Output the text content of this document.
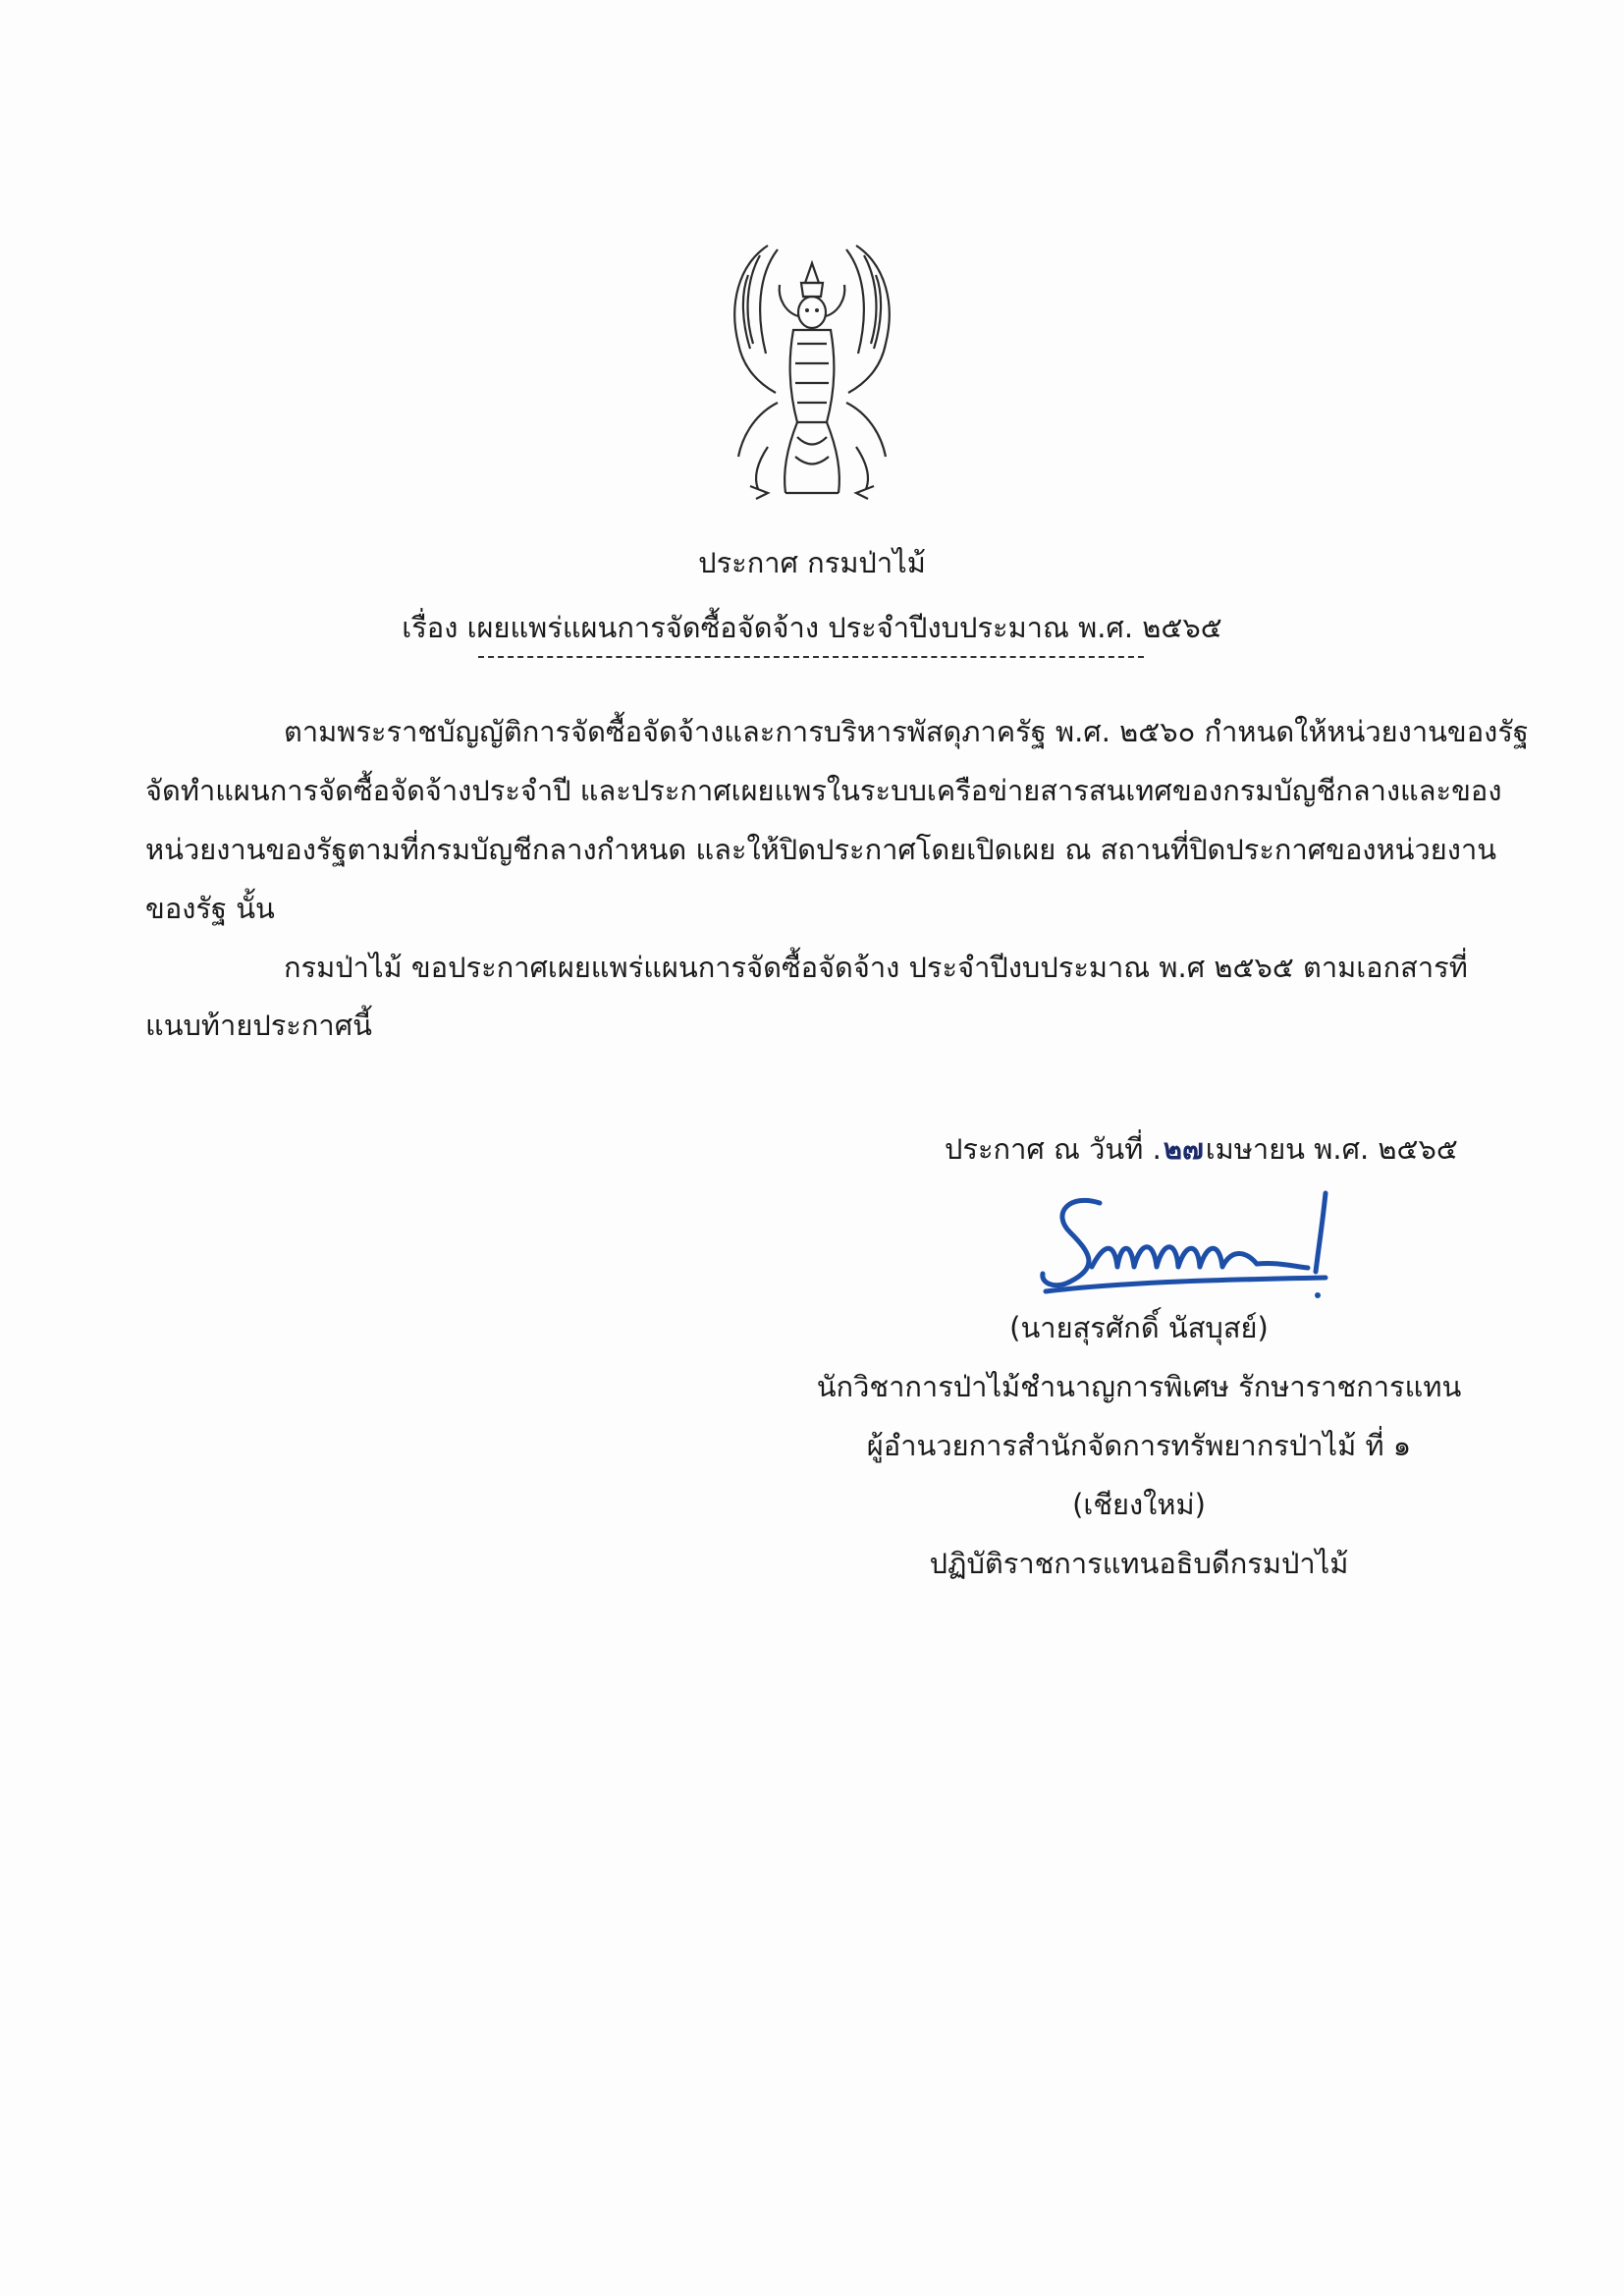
ประกาศ กรมป่าไม้
เรื่อง เผยแพร่แผนการจัดซื้อจัดจ้าง ประจำปีงบประมาณ พ.ศ. ๒๕๖๕
ตามพระราชบัญญัติการจัดซื้อจัดจ้างและการบริหารพัสดุภาครัฐ พ.ศ. ๒๕๖๐ กำหนดให้หน่วยงานของรัฐ
จัดทำแผนการจัดซื้อจัดจ้างประจำปี และประกาศเผยแพรในระบบเครือข่ายสารสนเทศของกรมบัญชีกลางและของ
หน่วยงานของรัฐตามที่กรมบัญชีกลางกำหนด และให้ปิดประกาศโดยเปิดเผย ณ สถานที่ปิดประกาศของหน่วยงาน
ของรัฐ นั้น
กรมป่าไม้ ขอประกาศเผยแพร่แผนการจัดซื้อจัดจ้าง ประจำปีงบประมาณ พ.ศ ๒๕๖๕ ตามเอกสารที่
แนบท้ายประกาศนี้
ประกาศ ณ วันที่ .๒๗เมษายน พ.ศ. ๒๕๖๕
(นายสุรศักดิ์ นัสบุสย์)
นักวิชาการป่าไม้ชำนาญการพิเศษ รักษาราชการแทน
ผู้อำนวยการสำนักจัดการทรัพยากรป่าไม้ ที่ ๑
(เชียงใหม่)
ปฏิบัติราชการแทนอธิบดีกรมป่าไม้
